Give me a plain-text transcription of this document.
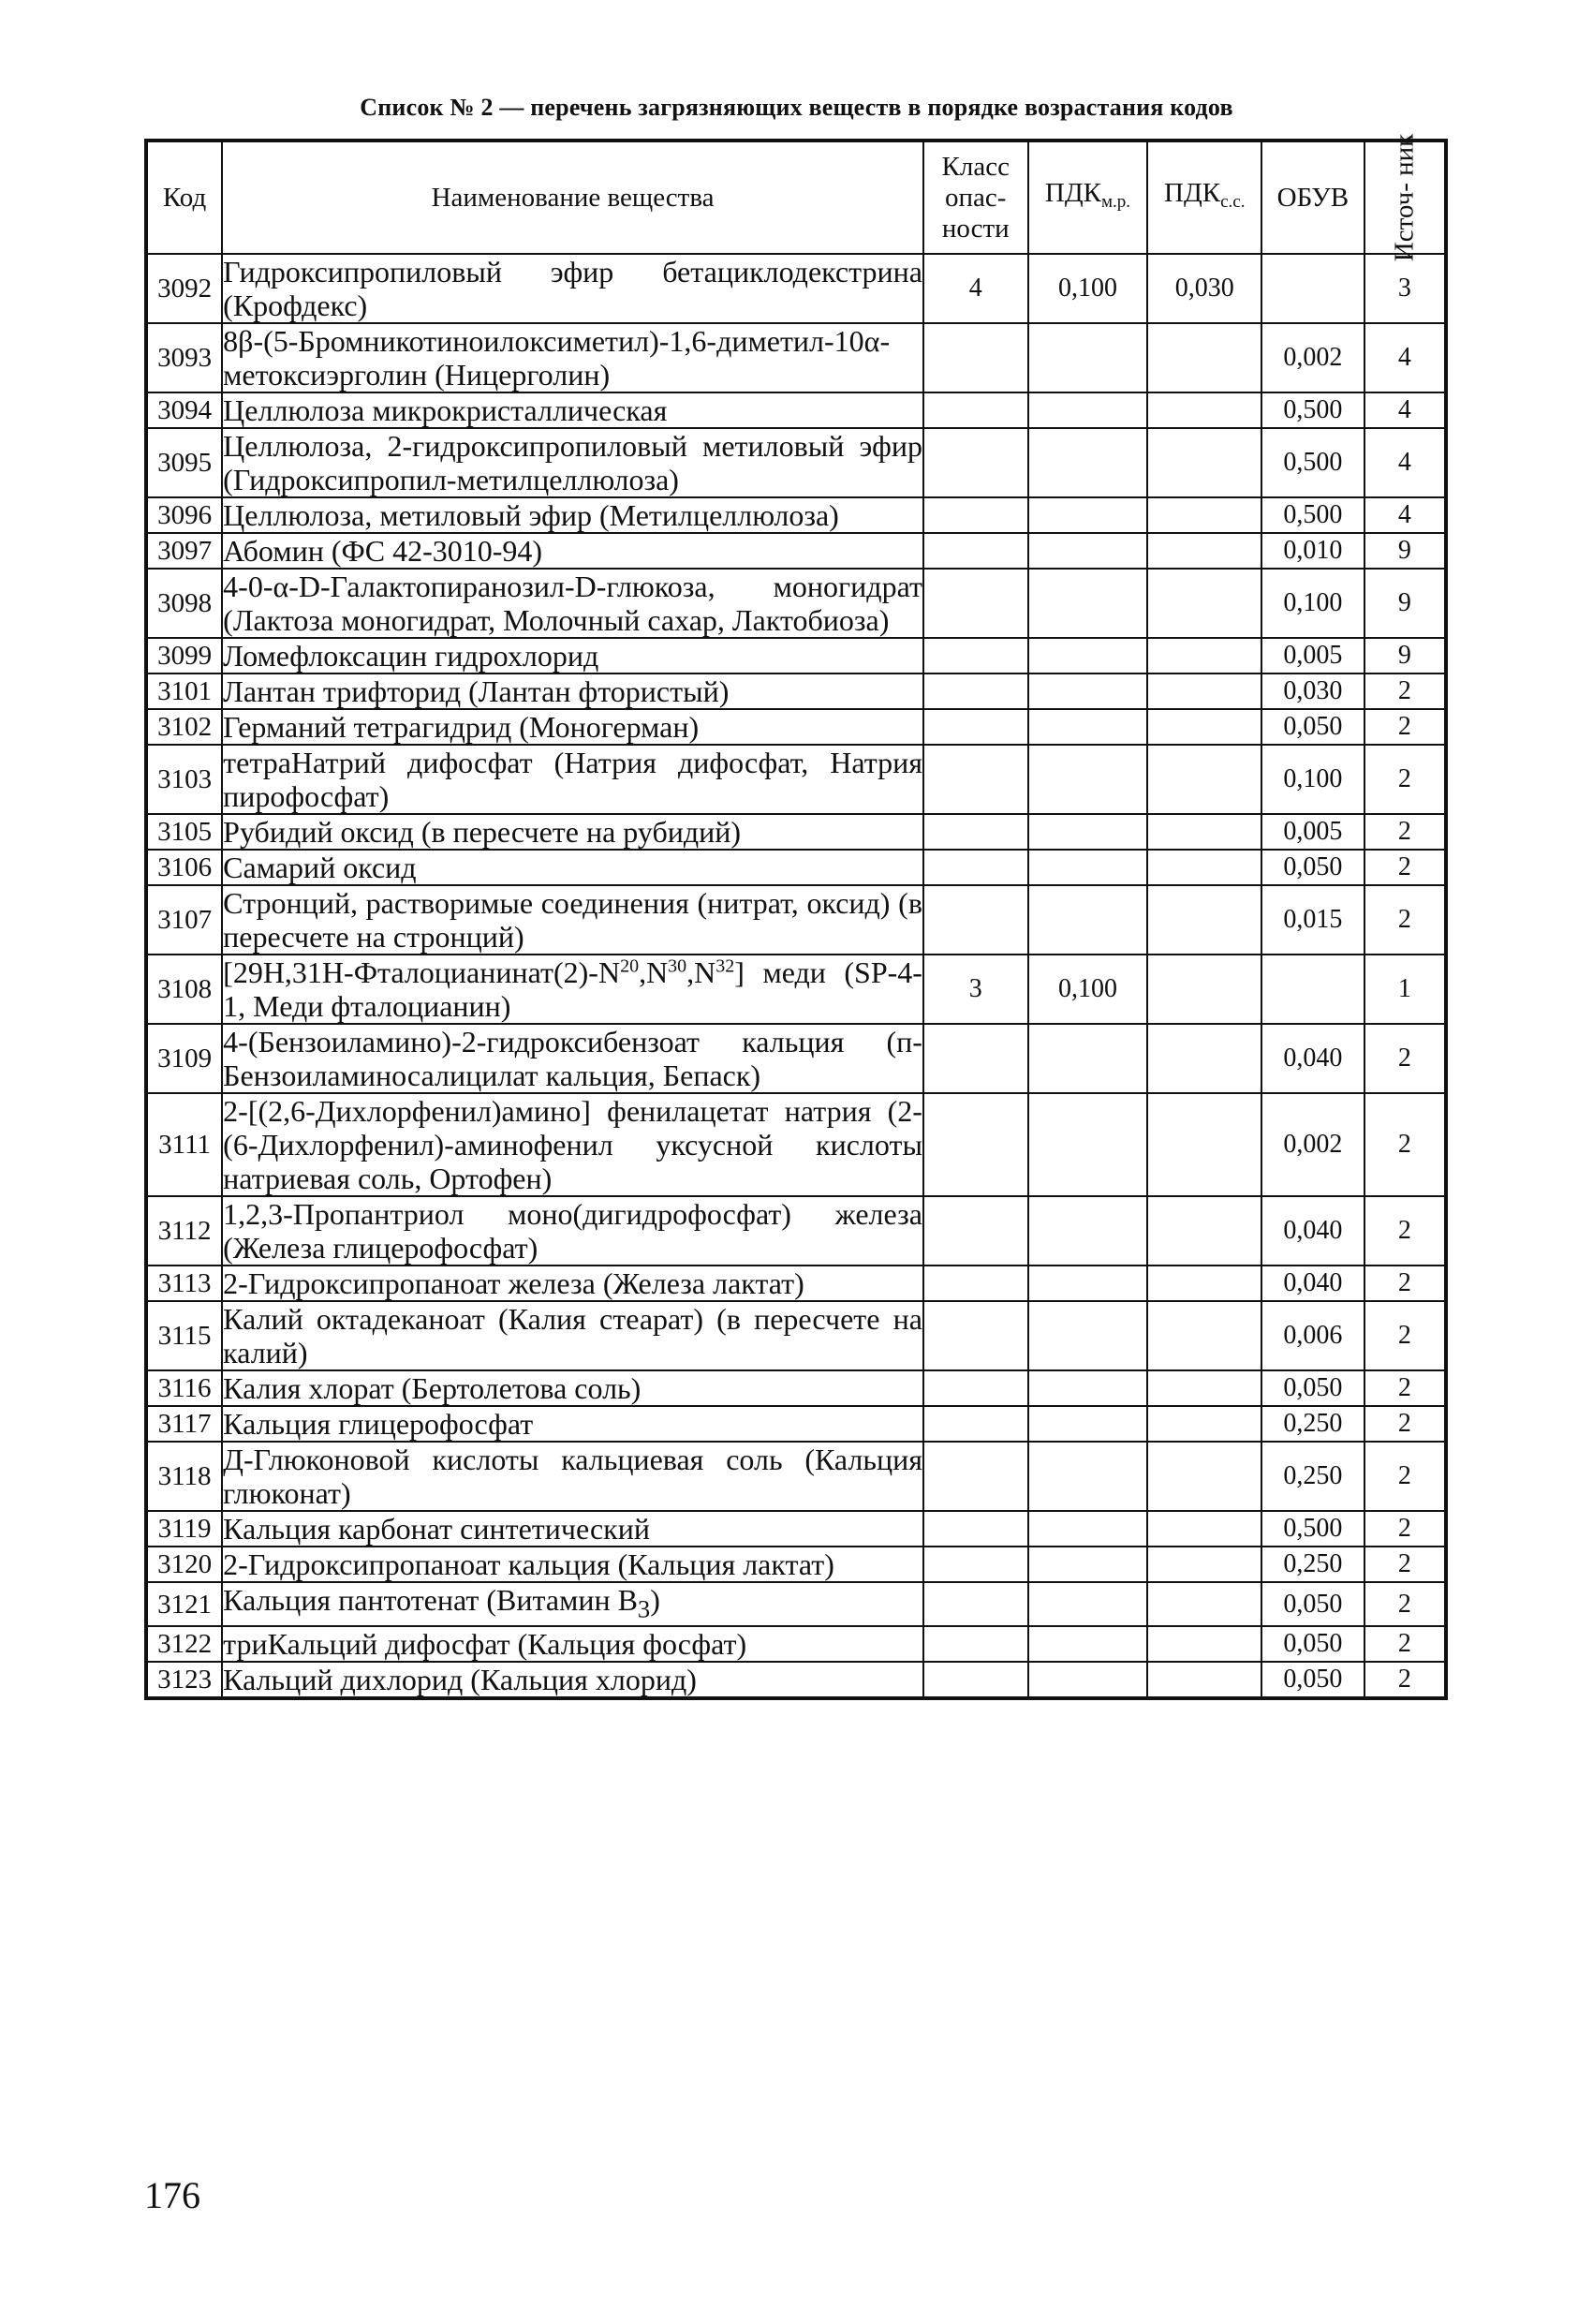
Список № 2 — перечень загрязняющих веществ в порядке возрастания кодов
Код	Наименование вещества	Класс опас- ности	$ПДК_{м.р.}$	$ПДК_{с.с.}$	ОБУВ	Источ- ник

3092	Гидроксипропиловый эфир бетациклодекстрина (Крофдекс)	4	0,100	0,030		3
3093	8β-(5-Бромникотиноилоксиметил)-1,6-диметил-10α-метоксиэрголин (Ницерголин)				0,002	4
3094	Целлюлоза микрокристаллическая				0,500	4
3095	Целлюлоза, 2-гидроксипропиловый метиловый эфир (Гидроксипропил-метилцеллюлоза)				0,500	4
3096	Целлюлоза, метиловый эфир (Метилцеллюлоза)				0,500	4
3097	Абомин (ФС 42-3010-94)				0,010	9
3098	4-0-α-D-Галактопиранозил-D-глюкоза, моногидрат (Лактоза моногидрат, Молочный сахар, Лактобиоза)				0,100	9
3099	Ломефлоксацин гидрохлорид				0,005	9
3101	Лантан трифторид (Лантан фтористый)				0,030	2
3102	Германий тетрагидрид (Моногерман)				0,050	2
3103	тетраНатрий дифосфат (Натрия дифосфат, Натрия пирофосфат)				0,100	2
3105	Рубидий оксид (в пересчете на рубидий)				0,005	2
3106	Самарий оксид				0,050	2
3107	Стронций, растворимые соединения (нитрат, оксид) (в пересчете на стронций)				0,015	2
3108	$[29H,31H-Фталоцианинат(2)-N^{20},N^{30},N^{32}]$ меди (SP-4-1, Меди фталоцианин)	3	0,100			1
3109	4-(Бензоиламино)-2-гидроксибензоат кальция (п-Бензоиламиносалицилат кальция, Бепаск)				0,040	2
3111	2-[(2,6-Дихлорфенил)амино] фенилацетат натрия (2-(6-Дихлорфенил)-аминофенил уксусной кислоты натриевая соль, Ортофен)				0,002	2
3112	1,2,3-Пропантриол моно(дигидрофосфат) железа (Железа глицерофосфат)				0,040	2
3113	2-Гидроксипропаноат железа (Железа лактат)				0,040	2
3115	Калий октадеканоат (Калия стеарат) (в пересчете на калий)				0,006	2
3116	Калия хлорат (Бертолетова соль)				0,050	2
3117	Кальция глицерофосфат				0,250	2
3118	Д-Глюконовой кислоты кальциевая соль (Кальция глюконат)				0,250	2
3119	Кальция карбонат синтетический				0,500	2
3120	2-Гидроксипропаноат кальция (Кальция лактат)				0,250	2
3121	Кальция пантотенат (Витамин $B_3$)				0,050	2
3122	триКальций дифосфат (Кальция фосфат)				0,050	2
3123	Кальций дихлорид (Кальция хлорид)				0,050	2
176
